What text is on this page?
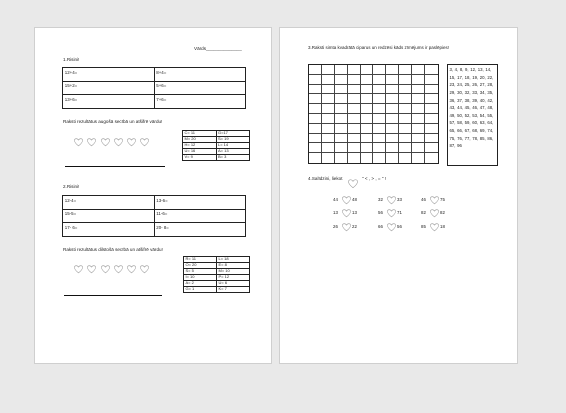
Vārds______________
1.Risini!
12+4=	8+4=
15+2=	5+6=
13+6=	7+6=
Raksti rezultātus augošā secībā un atšifrē vārdu!
C= 11	G=17
M= 20	S= 19
H= 12	L= 14
U= 16	A= 13
V= 9	B= 3
2.Risini!
12-4=	13-6=
15-5=	11-6=
17- 6=	20- 8=
Raksti rezultātus dilstošā secībā un atšifrē vārdu!
R= 11	L= 18
O= 20	E= 8
S= 5	M= 10
I= 10	P= 12
A= 2	U= 6
G= 1	K= 7
3.Raksti simta kvadrātā ciparus un redzēsi kāds zīmējums ir paslēpies!
3, 4, 8, 9, 12, 13, 14, 15, 17, 18, 19, 20, 22, 23, 24, 25, 26, 27, 28, 29, 30, 32, 33, 34, 35, 36, 37, 38, 39, 40, 42, 43, 44, 45, 46, 47, 48, 49, 50, 52, 53, 54, 55, 57, 58, 59, 60, 63, 64, 65, 66, 67, 68, 69, 74, 75, 76, 77, 78, 85, 86, 87, 96
4.Salīdzini, liekot	" < , > , = " !
44	48	32	33	46	75
13	13	56	71	82	82
26	22	66	56	85	18
